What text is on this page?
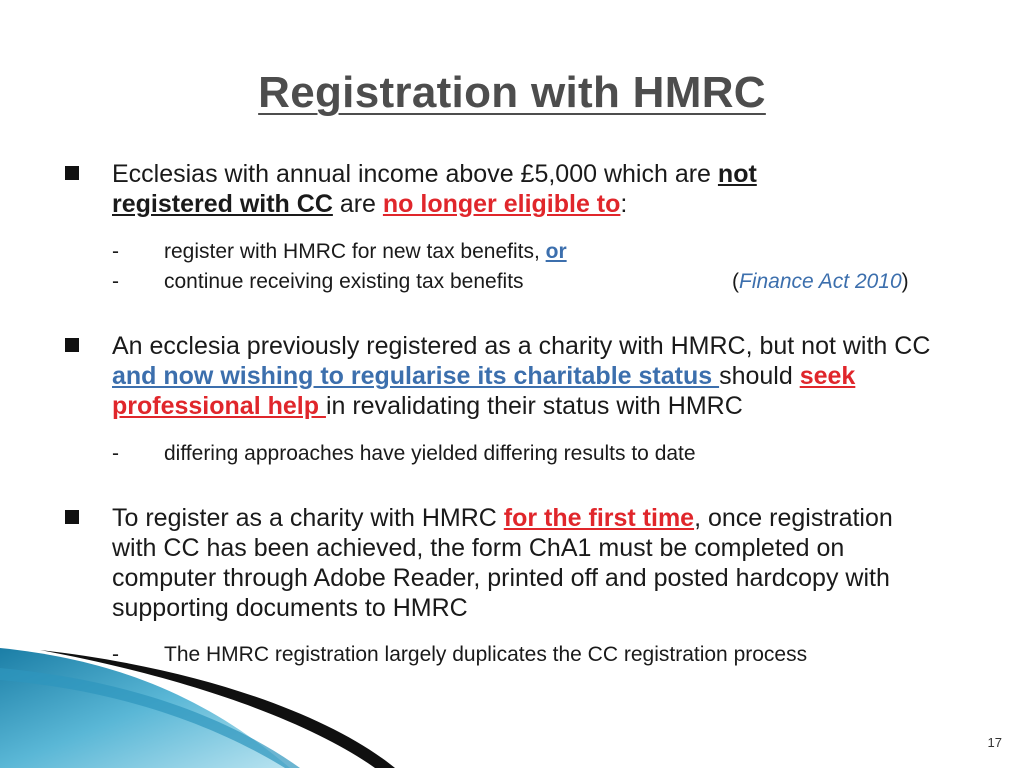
Registration with HMRC
Ecclesias with annual income above £5,000 which are not
registered with CC are no longer eligible to:
- register with HMRC for new tax benefits, or
- continue receiving existing tax benefits	(Finance Act 2010)
An ecclesia previously registered as a charity with HMRC, but not with CC and now wishing to regularise its charitable status should seek professional help in revalidating their status with HMRC
- differing approaches have yielded differing results to date
To register as a charity with HMRC for the first time, once registration with CC has been achieved, the form ChA1 must be completed on computer through Adobe Reader, printed off and posted hardcopy with supporting documents to HMRC
- The HMRC registration largely duplicates the CC registration process
17
